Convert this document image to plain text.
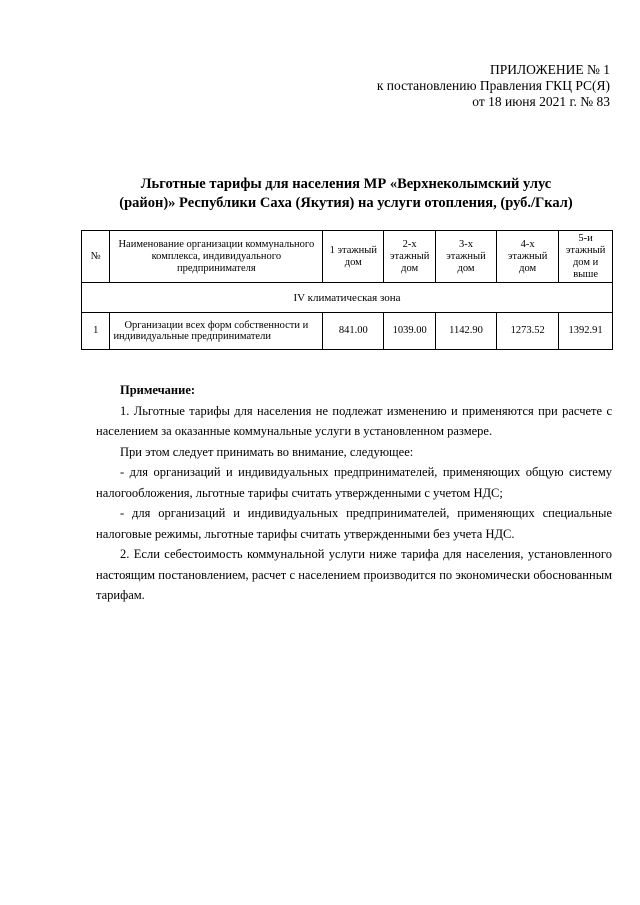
ПРИЛОЖЕНИЕ № 1
к постановлению Правления ГКЦ РС(Я)
от 18 июня 2021 г. № 83
Льготные тарифы для населения МР «Верхнеколымский улус
(район)» Республики Саха (Якутия) на услуги отопления, (руб./Гкал)
№	Наименование организации коммунального комплекса, индивидуального предпринимателя	1 этажный дом	2-х этажный дом	3-х этажный дом	4-х этажный дом	5-и этажный дом и выше
IV климатическая зона						
1	Организации всех форм собственности и индивидуальные предприниматели	841.00	1039.00	1142.90	1273.52	1392.91

Примечание:

1. Льготные тарифы для населения не подлежат изменению и применяются при расчете с населением за оказанные коммунальные услуги в установленном размере.

При этом следует принимать во внимание, следующее:

- для организаций и индивидуальных предпринимателей, применяющих общую систему налогообложения, льготные тарифы считать утвержденными с учетом НДС;

- для организаций и индивидуальных предпринимателей, применяющих специальные налоговые режимы, льготные тарифы считать утвержденными без учета НДС.

2. Если себестоимость коммунальной услуги ниже тарифа для населения, установленного настоящим постановлением, расчет с населением производится по экономически обоснованным тарифам.
